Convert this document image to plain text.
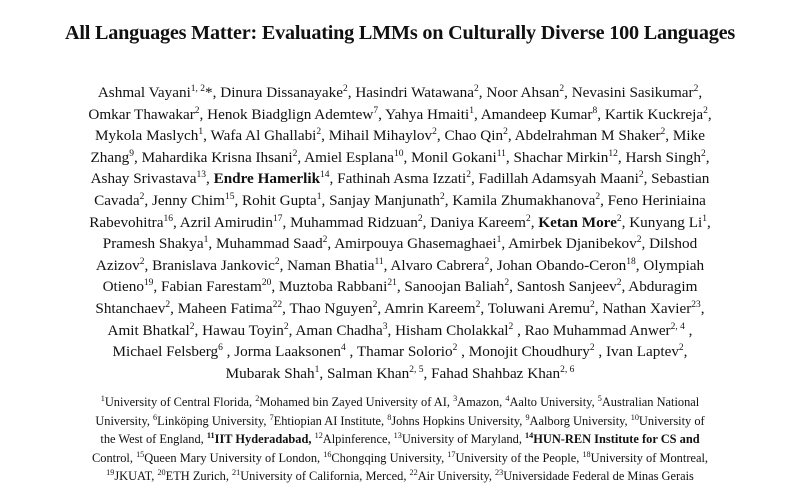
All Languages Matter: Evaluating LMMs on Culturally Diverse 100 Languages
Ashmal Vayani$^{1, 2}$*, Dinura Dissanayake$^2$, Hasindri Watawana$^2$, Noor Ahsan$^2$, Nevasini Sasikumar$^2$,
Omkar Thawakar$^2$, Henok Biadglign Ademtew$^7$, Yahya Hmaiti$^1$, Amandeep Kumar$^8$, Kartik Kuckreja$^2$,
Mykola Maslych$^1$, Wafa Al Ghallabi$^2$, Mihail Mihaylov$^2$, Chao Qin$^2$, Abdelrahman M Shaker$^2$, Mike
Zhang$^9$, Mahardika Krisna Ihsani$^2$, Amiel Esplana$^{10}$, Monil Gokani$^{11}$, Shachar Mirkin$^{12}$, Harsh Singh$^2$,
Ashay Srivastava$^{13}$, Endre Hamerlik$^{14}$, Fathinah Asma Izzati$^2$, Fadillah Adamsyah Maani$^2$, Sebastian
Cavada$^2$, Jenny Chim$^{15}$, Rohit Gupta$^1$, Sanjay Manjunath$^2$, Kamila Zhumakhanova$^2$, Feno Heriniaina
Rabevohitra$^{16}$, Azril Amirudin$^{17}$, Muhammad Ridzuan$^2$, Daniya Kareem$^2$, Ketan More$^2$, Kunyang Li$^1$,
Pramesh Shakya$^1$, Muhammad Saad$^2$, Amirpouya Ghasemaghaei$^1$, Amirbek Djanibekov$^2$, Dilshod
Azizov$^2$, Branislava Jankovic$^2$, Naman Bhatia$^{11}$, Alvaro Cabrera$^2$, Johan Obando-Ceron$^{18}$, Olympiah
Otieno$^{19}$, Fabian Farestam$^{20}$, Muztoba Rabbani$^{21}$, Sanoojan Baliah$^2$, Santosh Sanjeev$^2$, Abduragim
Shtanchaev$^2$, Maheen Fatima$^{22}$, Thao Nguyen$^2$, Amrin Kareem$^2$, Toluwani Aremu$^2$, Nathan Xavier$^{23}$,
Amit Bhatkal$^2$, Hawau Toyin$^2$, Aman Chadha$^3$, Hisham Cholakkal$^2$ , Rao Muhammad Anwer$^{2, 4}$ ,
Michael Felsberg$^6$ , Jorma Laaksonen$^4$ , Thamar Solorio$^2$ , Monojit Choudhury$^2$ , Ivan Laptev$^2$,
Mubarak Shah$^1$, Salman Khan$^{2, 5}$, Fahad Shahbaz Khan$^{2, 6}$
$^1$University of Central Florida, $^2$Mohamed bin Zayed University of AI, $^3$Amazon, $^4$Aalto University, $^5$Australian National
University, $^6$Linköping University, $^7$Ehtiopian AI Institute, $^8$Johns Hopkins University, $^9$Aalborg University, $^{10}$University of
the West of England, $^{11}$IIT Hyderadabad, $^{12}$Alpinference, $^{13}$University of Maryland, $^{14}$HUN-REN Institute for CS and
Control, $^{15}$Queen Mary University of London, $^{16}$Chongqing University, $^{17}$University of the People, $^{18}$University of Montreal,
$^{19}$JKUAT, $^{20}$ETH Zurich, $^{21}$University of California, Merced, $^{22}$Air University, $^{23}$Universidade Federal de Minas Gerais
